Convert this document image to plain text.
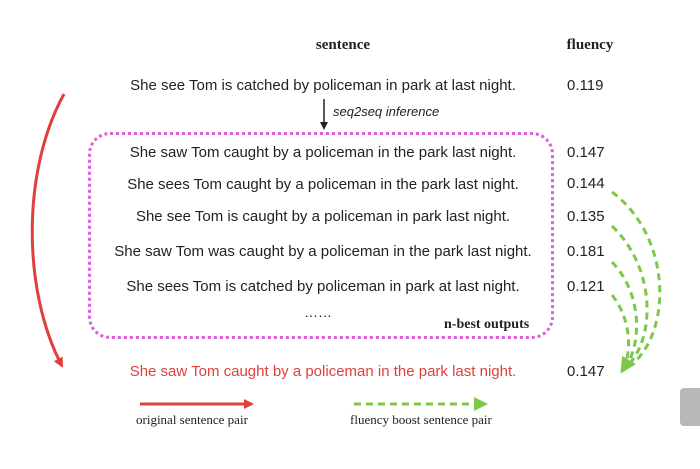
sentence	fluency
She see Tom is catched by policeman in park at last night.	0.119
seq2seq inference
She saw Tom caught by a policeman in the park last night.	0.147
She sees Tom caught by a policeman in the park last night.	0.144
She see Tom is caught by a policeman in park last night.	0.135
She saw Tom was caught by a policeman in the park last night.	0.181
She sees Tom is catched by policeman in park at last night.	0.121
……
n-best outputs
She saw Tom caught by a policeman in the park last night.	0.147
original sentence pair	fluency boost sentence pair
